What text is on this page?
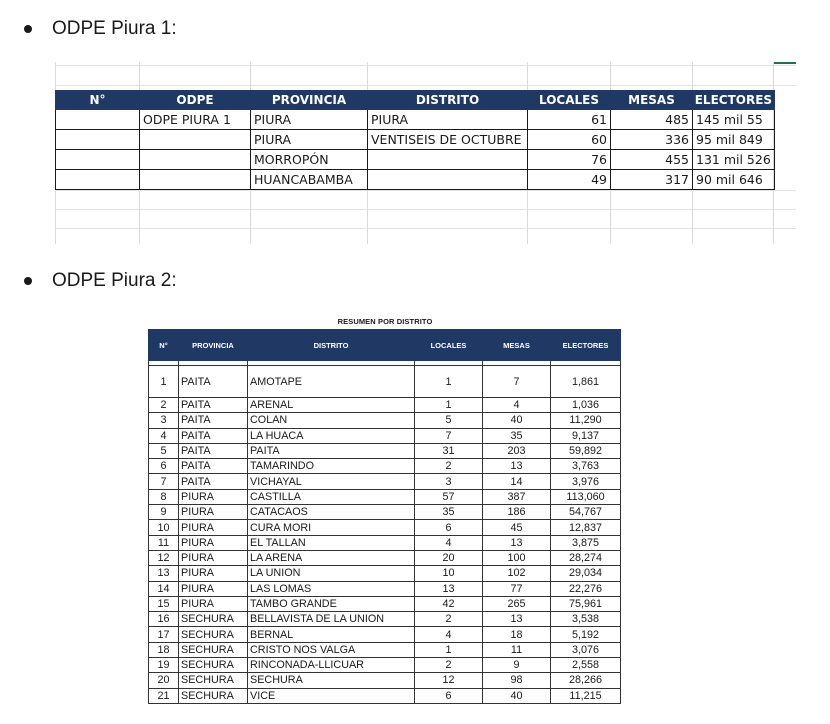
ODPE Piura 1:
N°	ODPE	PROVINCIA	DISTRITO	LOCALES	MESAS	ELECTORES
	ODPE PIURA 1	PIURA	PIURA	61	485	145 mil 55
		PIURA	VENTISEIS DE OCTUBRE	60	336	95 mil 849
		MORROPÓN		76	455	131 mil 526
		HUANCABAMBA		49	317	90 mil 646
ODPE Piura 2:
RESUMEN POR DISTRITO
N°	PROVINCIA	DISTRITO	LOCALES	MESAS	ELECTORES

1	PAITA	AMOTAPE	1	7	1,861
2	PAITA	ARENAL	1	4	1,036
3	PAITA	COLAN	5	40	11,290
4	PAITA	LA HUACA	7	35	9,137
5	PAITA	PAITA	31	203	59,892
6	PAITA	TAMARINDO	2	13	3,763
7	PAITA	VICHAYAL	3	14	3,976
8	PIURA	CASTILLA	57	387	113,060
9	PIURA	CATACAOS	35	186	54,767
10	PIURA	CURA MORI	6	45	12,837
11	PIURA	EL TALLAN	4	13	3,875
12	PIURA	LA ARENA	20	100	28,274
13	PIURA	LA UNION	10	102	29,034
14	PIURA	LAS LOMAS	13	77	22,276
15	PIURA	TAMBO GRANDE	42	265	75,961
16	SECHURA	BELLAVISTA DE LA UNION	2	13	3,538
17	SECHURA	BERNAL	4	18	5,192
18	SECHURA	CRISTO NOS VALGA	1	11	3,076
19	SECHURA	RINCONADA-LLICUAR	2	9	2,558
20	SECHURA	SECHURA	12	98	28,266
21	SECHURA	VICE	6	40	11,215
